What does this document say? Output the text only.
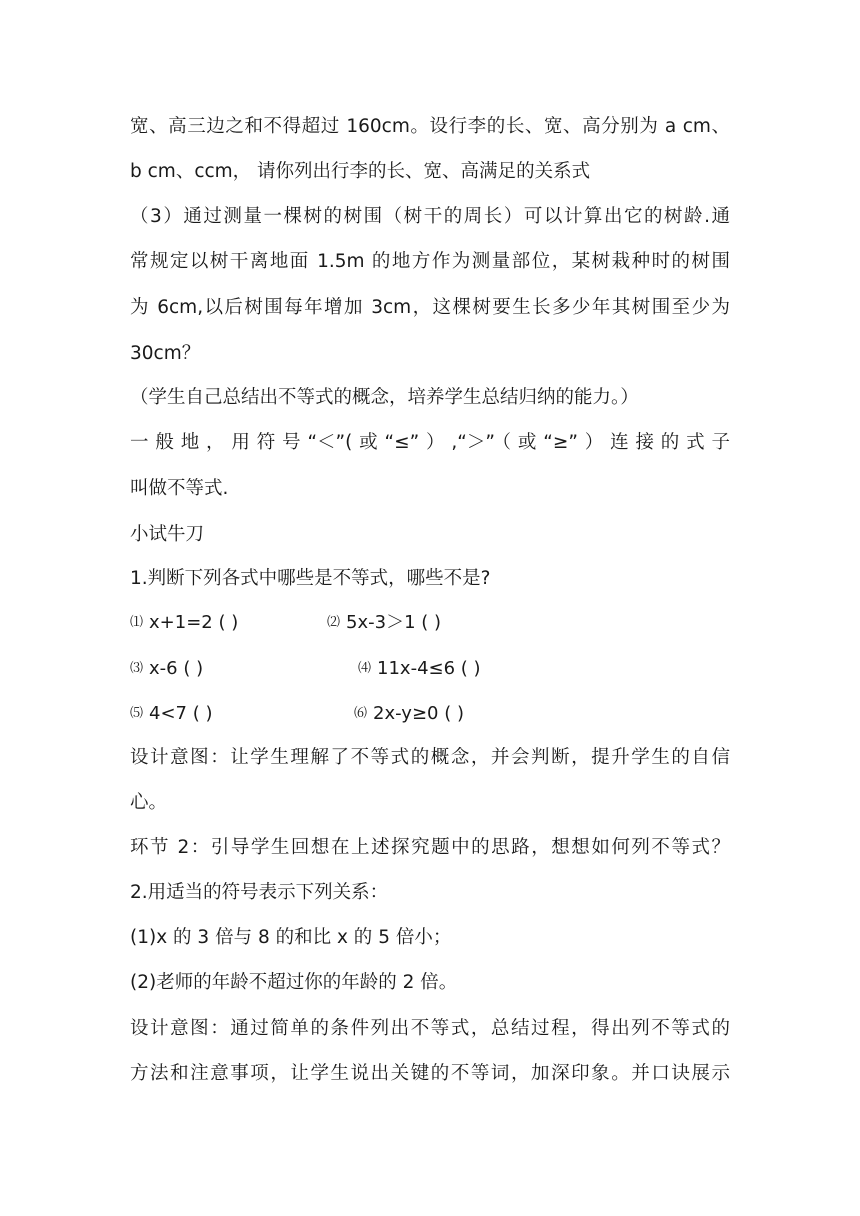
宽、高三边之和不得超过 160cm。设行李的长、宽、高分别为 a cm、

b cm、ccm， 请你列出行李的长、宽、高满足的关系式

（3）通过测量一棵树的树围（树干的周长）可以计算出它的树龄.通

常规定以树干离地面 1.5m 的地方作为测量部位，某树栽种时的树围

为 6cm,以后树围每年增加 3cm，这棵树要生长多少年其树围至少为

30cm？

（学生自己总结出不等式的概念，培养学生总结归纳的能力。）

一般地，用符号“＜”(或“≤”）,“＞”（或“≥”）连接的式子

叫做不等式.

小试牛刀

1.判断下列各式中哪些是不等式，哪些不是?

⑴ x+1=2 ( )	⑵ 5x-3＞1 ( )
⑶ x-6 ( )	⑷ 11x-4≤6 ( )
⑸ 4<7 ( )	⑹ 2x-y≥0 ( )

设计意图：让学生理解了不等式的概念，并会判断，提升学生的自信

心。

环节 2：引导学生回想在上述探究题中的思路，想想如何列不等式？

2.用适当的符号表示下列关系：

(1)x 的 3 倍与 8 的和比 x 的 5 倍小；

(2)老师的年龄不超过你的年龄的 2 倍。

设计意图：通过简单的条件列出不等式，总结过程，得出列不等式的

方法和注意事项，让学生说出关键的不等词，加深印象。并口诀展示
